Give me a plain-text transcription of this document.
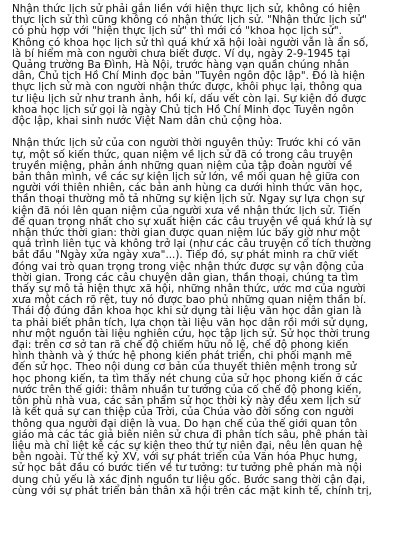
Nhận thức lịch sử phải gắn liền với hiện thực lịch sử, không có hiện
thực lịch sử thì cũng không có nhận thức lịch sử. "Nhận thức lịch sử"
có phù hợp với "hiện thực lịch sử" thì mới có "khoa học lịch sử".
Không có khoa học lịch sử thì quá khứ xã hội loài người vẫn là ẩn số,
là bí hiểm mà con người chưa biết được. Ví dụ, ngày 2-9-1945 tại
Quảng trường Ba Đình, Hà Nội, trước hàng vạn quần chúng nhân
dân, Chủ tịch Hồ Chí Minh đọc bản "Tuyên ngôn độc lập". Đó là hiện
thực lịch sử mà con người nhận thức được, khôi phục lại, thông qua
tư liệu lịch sử như tranh ảnh, hồi kí, dấu vết còn lại. Sự kiện đó được
khoa học lịch sử gọi là ngày Chủ tịch Hồ Chí Minh đọc Tuyên ngôn
độc lập, khai sinh nước Việt Nam dân chủ cộng hòa.

Nhận thức lịch sử của con người thời nguyên thủy: Trước khi có văn
tự, một số kiến thức, quan niệm về lịch sử đã có trong câu truyện
truyền miệng, phản ánh những quan niệm của tập đoàn người về
bản thân mình, về các sự kiện lịch sử lớn, về mối quan hệ giữa con
người với thiên nhiên, các bản anh hùng ca dưới hình thức văn học,
thần thoại thường mô tả những sự kiện lịch sử. Ngay sự lựa chọn sự
kiện đã nói lên quan niệm của người xưa về nhận thức lịch sử. Tiến
để quan trọng nhất cho sự xuất hiện các câu truyện về quá khứ là sự
nhận thức thời gian: thời gian được quan niệm lúc bấy giờ như một
quá trình liên tục và không trở lại (như các câu truyện cổ tích thường
bắt đầu "Ngày xửa ngày xưa"...). Tiếp đó, sự phát minh ra chữ viết
đóng vai trò quan trọng trong việc nhận thức được sự vận động của
thời gian. Trong các câu chuyện dân gian, thần thoại, chúng ta tìm
thấy sự mô tả hiện thực xã hội, những nhân thức, ước mơ của người
xưa một cách rõ rệt, tuy nó được bao phủ những quan niệm thần bí.
Thái độ đúng đắn khoa học khi sử dụng tài liệu văn học dân gian là
ta phải biết phân tích, lựa chọn tài liệu văn học dân rồi mới sử dụng,
như một nguồn tài liệu nghiên cứu, học tập lịch sử. Sử học thời trung
đại: trên cơ sở tan rã chế độ chiếm hữu nô lệ, chế độ phong kiến
hình thành và ý thức hệ phong kiến phát triển, chi phối mạnh mẽ
đến sử học. Theo nội dung cơ bản của thuyết thiên mệnh trong sử
học phong kiến, ta tìm thấy nét chung của sử học phong kiến ở các
nước trên thế giới: thâm nhuần tư tưởng của cố chế độ phong kiến,
tôn phù nhà vua, các sản phẩm sử học thời kỳ này đều xem lịch sử
là kết quả sự can thiệp của Trời, của Chúa vào đời sống con người
thông qua người đại diện là vua. Do hạn chế của thế giới quan tôn
giáo mà các tác giả biên niên sử chưa đi phân tích sâu, phê phán tài
liệu mà chỉ liệt kê các sự kiện theo thứ tự niên đại, nêu lên quan hệ
bên ngoài. Từ thế kỷ XV, với sự phát triển của Văn hóa Phục hưng,
sử học bắt đầu có bước tiến về tư tưởng: tư tưởng phê phán mà nội
dung chủ yếu là xác định nguồn tư liệu gốc. Bước sang thời cận đại,
cùng với sự phát triển bản thân xã hội trên các mặt kinh tế, chính trị,
